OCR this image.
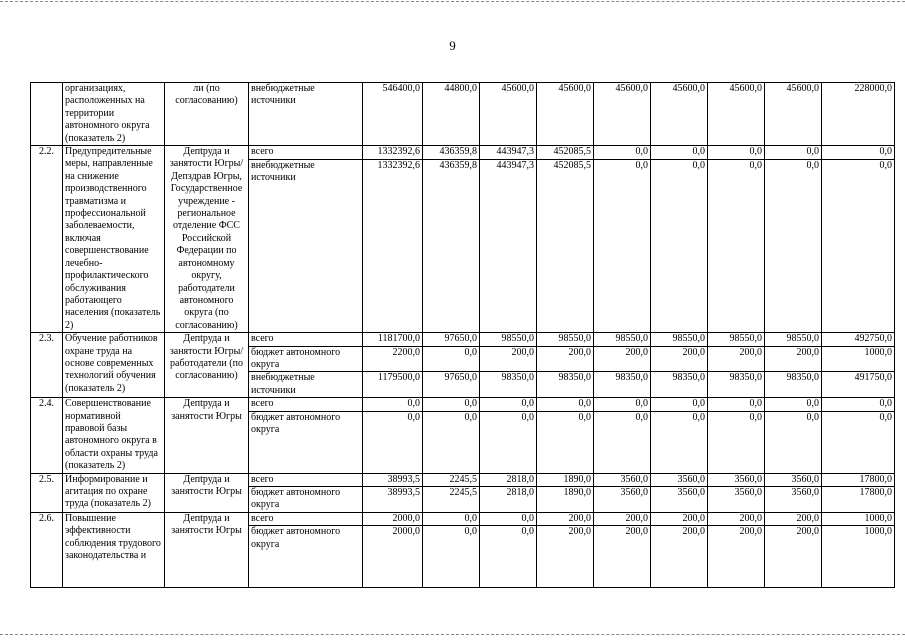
9
	организациях, расположенных на территории автономного округа (показатель 2)	ли (по согласованию)	внебюджетные источники	546400,0	44800,0	45600,0	45600,0	45600,0	45600,0	45600,0	45600,0	228000,0
2.2.	Предупредительные меры, направленные на снижение производственного травматизма и профессиональной заболеваемости, включая совершенствование лечебно-профилактического обслуживания работающего населения (показатель 2)	Депtруда и занятости Югры/ Депздрав Югры, Государственное учреждение - региональное отделение ФСС Российской Федерации по автономному округу, работодатели автономного округа (по согласованию)	всего	1332392,6	436359,8	443947,3	452085,5	0,0	0,0	0,0	0,0	0,0
			внебюджетные источники	1332392,6	436359,8	443947,3	452085,5	0,0	0,0	0,0	0,0	0,0
2.3.	Обучение работников охране труда на основе современных технологий обучения (показатель 2)	Депtруда и занятости Югры/ работодатели (по согласованию)	всего	1181700,0	97650,0	98550,0	98550,0	98550,0	98550,0	98550,0	98550,0	492750,0
			бюджет автономного округа	2200,0	0,0	200,0	200,0	200,0	200,0	200,0	200,0	1000,0
			внебюджетные источники	1179500,0	97650,0	98350,0	98350,0	98350,0	98350,0	98350,0	98350,0	491750,0
2.4.	Совершенствование нормативной правовой базы автономного округа в области охраны труда (показатель 2)	Депtруда и занятости Югры	всего	0,0	0,0	0,0	0,0	0,0	0,0	0,0	0,0	0,0
			бюджет автономного округа	0,0	0,0	0,0	0,0	0,0	0,0	0,0	0,0	0,0
2.5.	Информирование и агитация по охране труда (показатель 2)	Депtруда и занятости Югры	всего	38993,5	2245,5	2818,0	1890,0	3560,0	3560,0	3560,0	3560,0	17800,0
			бюджет автономного округа	38993,5	2245,5	2818,0	1890,0	3560,0	3560,0	3560,0	3560,0	17800,0
2.6.	Повышение эффективности соблюдения трудового законодательства и	Депtруда и занятости Югры	всего	2000,0	0,0	0,0	200,0	200,0	200,0	200,0	200,0	1000,0
			бюджет автономного округа	2000,0	0,0	0,0	200,0	200,0	200,0	200,0	200,0	1000,0
